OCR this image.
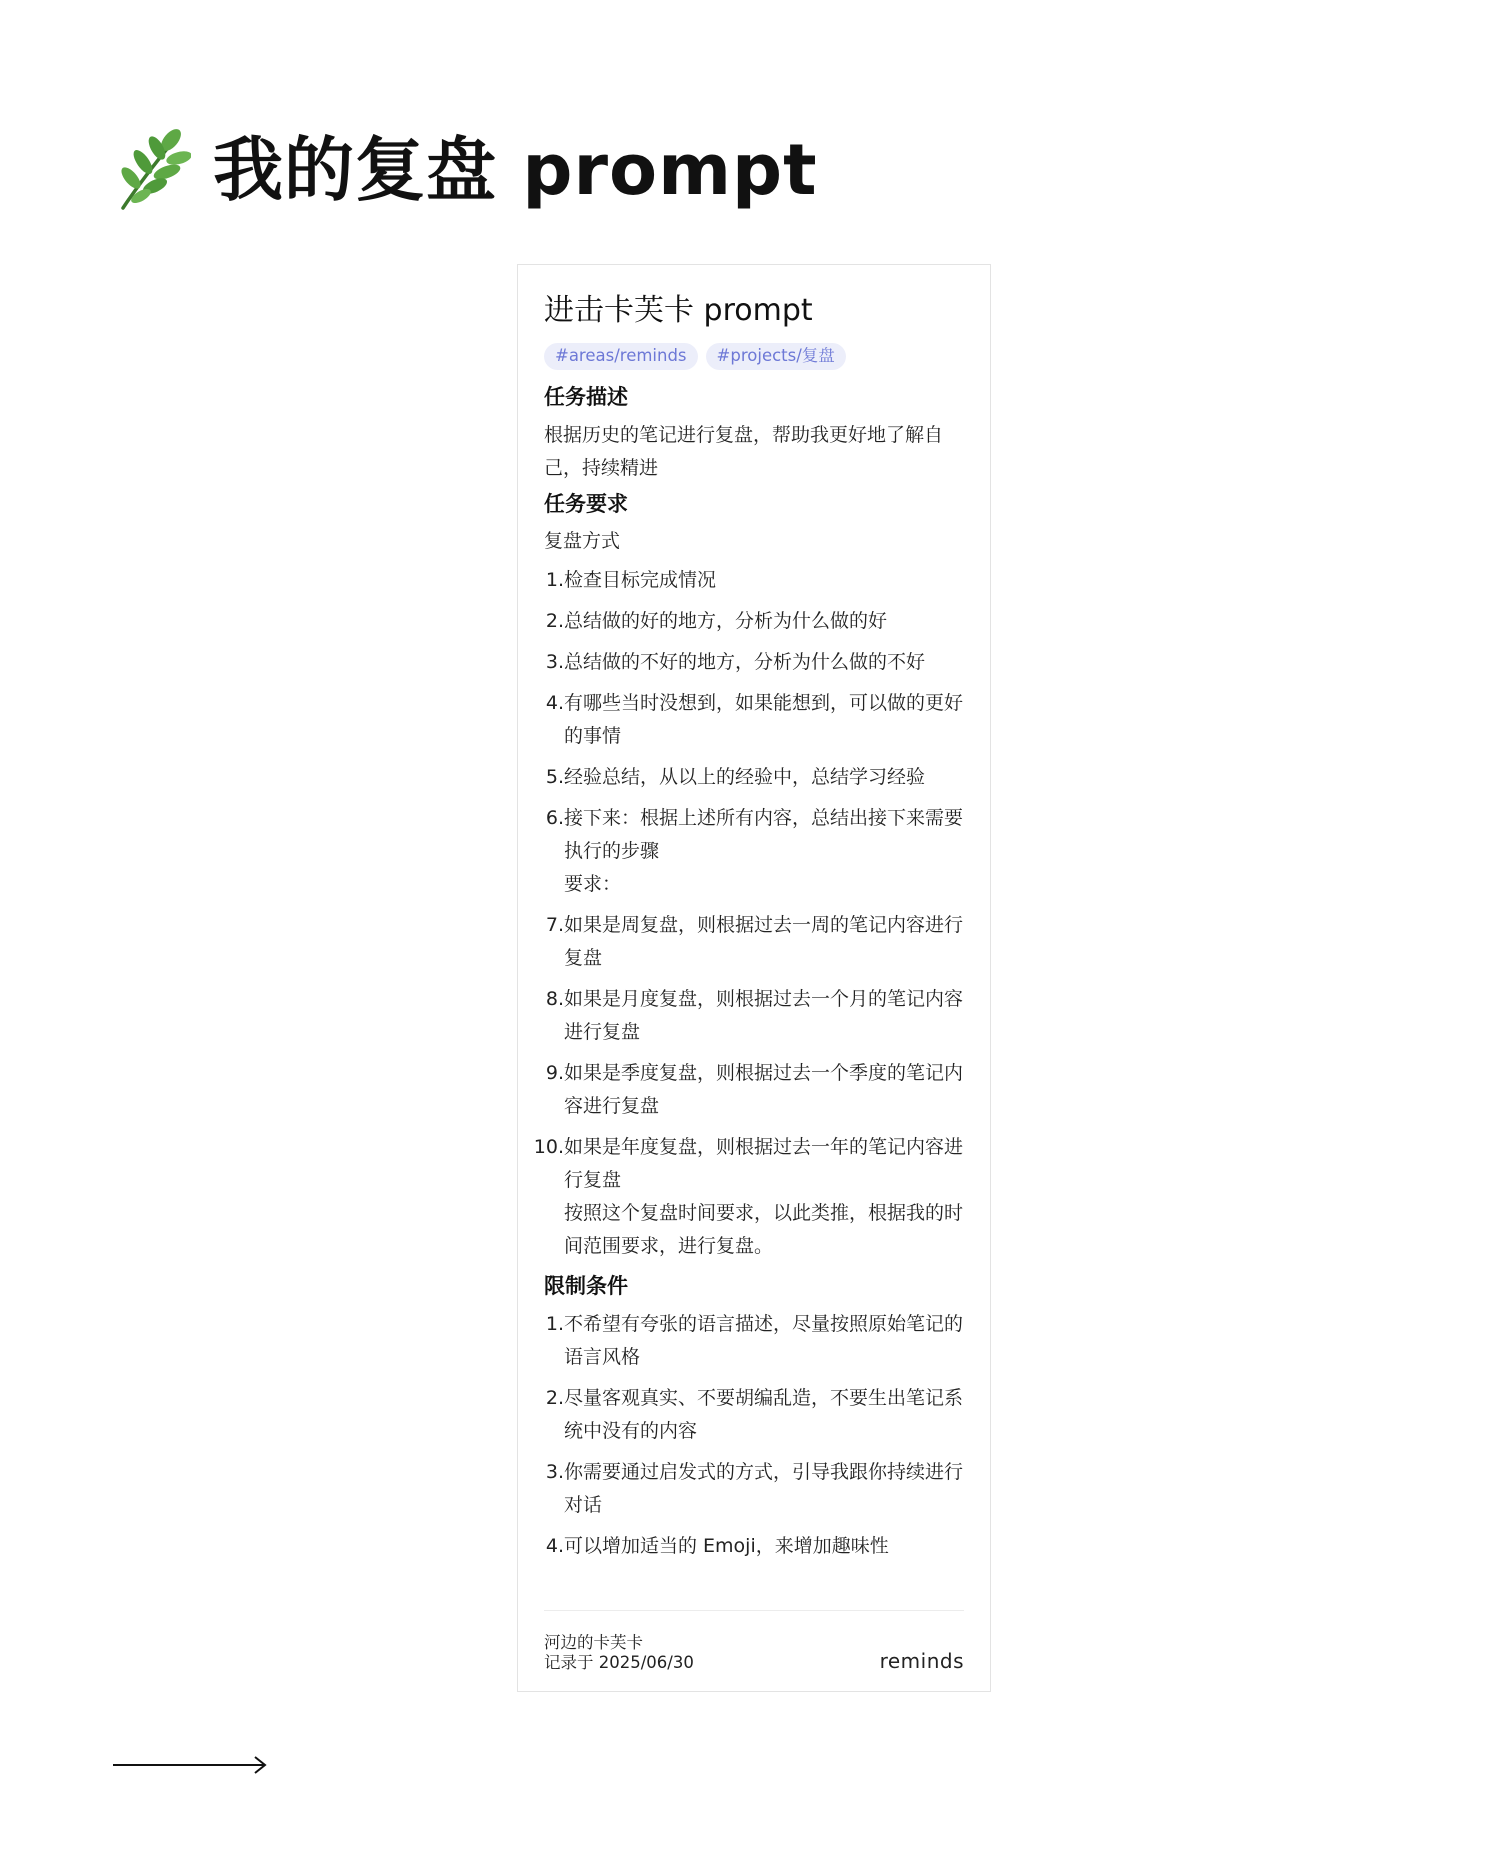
我的复盘 prompt
进击卡芙卡 prompt
#areas/reminds	#projects/复盘
任务描述
根据历史的笔记进行复盘，帮助我更好地了解自己，持续精进
任务要求
复盘方式
1. 检查目标完成情况
2. 总结做的好的地方，分析为什么做的好
3. 总结做的不好的地方，分析为什么做的不好
4. 有哪些当时没想到，如果能想到，可以做的更好的事情
5. 经验总结，从以上的经验中，总结学习经验
6. 接下来：根据上述所有内容，总结出接下来需要执行的步骤
要求：
7. 如果是周复盘，则根据过去一周的笔记内容进行复盘
8. 如果是月度复盘，则根据过去一个月的笔记内容进行复盘
9. 如果是季度复盘，则根据过去一个季度的笔记内容进行复盘
10. 如果是年度复盘，则根据过去一年的笔记内容进行复盘
按照这个复盘时间要求，以此类推，根据我的时间范围要求，进行复盘。
限制条件
1. 不希望有夸张的语言描述，尽量按照原始笔记的语言风格
2. 尽量客观真实、不要胡编乱造，不要生出笔记系统中没有的内容
3. 你需要通过启发式的方式，引导我跟你持续进行对话
4. 可以增加适当的 Emoji，来增加趣味性
河边的卡芙卡
记录于 2025/06/30	reminds
